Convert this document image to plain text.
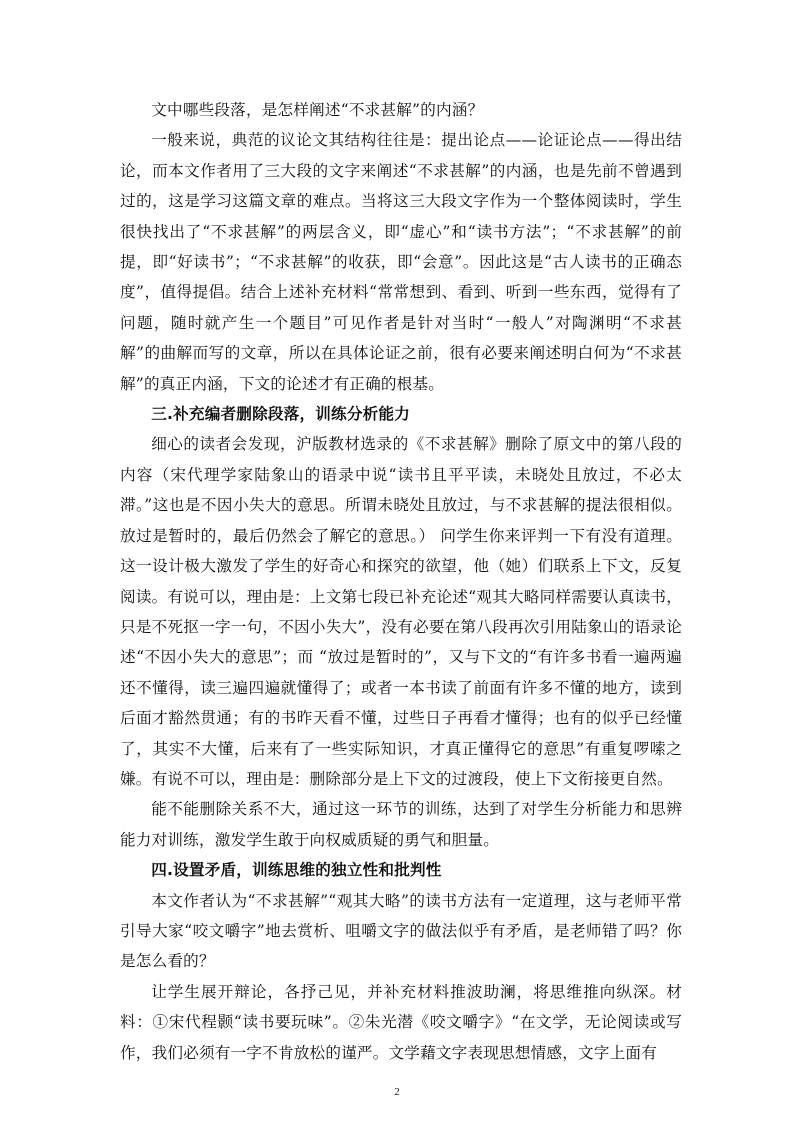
文中哪些段落，是怎样阐述“不求甚解”的内涵？

一般来说，典范的议论文其结构往往是：提出论点——论证论点——得出结论，而本文作者用了三大段的文字来阐述“不求甚解”的内涵，也是先前不曾遇到过的，这是学习这篇文章的难点。当将这三大段文字作为一个整体阅读时，学生很快找出了“不求甚解”的两层含义，即“虚心”和“读书方法”；“不求甚解”的前提，即“好读书”；“不求甚解”的收获，即“会意”。因此这是“古人读书的正确态度”，值得提倡。结合上述补充材料“常常想到、看到、听到一些东西，觉得有了问题，随时就产生一个题目”可见作者是针对当时“一般人”对陶渊明“不求甚解”的曲解而写的文章，所以在具体论证之前，很有必要来阐述明白何为“不求甚解”的真正内涵，下文的论述才有正确的根基。

三.补充编者删除段落，训练分析能力

细心的读者会发现，沪版教材选录的《不求甚解》删除了原文中的第八段的内容（宋代理学家陆象山的语录中说“读书且平平读，未晓处且放过，不必太滞。”这也是不因小失大的意思。所谓未晓处且放过，与不求甚解的提法很相似。放过是暂时的，最后仍然会了解它的意思。） 问学生你来评判一下有没有道理。这一设计极大激发了学生的好奇心和探究的欲望，他（她）们联系上下文，反复阅读。有说可以，理由是：上文第七段已补充论述“观其大略同样需要认真读书，只是不死抠一字一句，不因小失大”，没有必要在第八段再次引用陆象山的语录论述“不因小失大的意思”；而 “放过是暂时的”，又与下文的“有许多书看一遍两遍还不懂得，读三遍四遍就懂得了；或者一本书读了前面有许多不懂的地方，读到后面才豁然贯通；有的书昨天看不懂，过些日子再看才懂得；也有的似乎已经懂了，其实不大懂，后来有了一些实际知识，才真正懂得它的意思”有重复啰嗦之嫌。有说不可以，理由是：删除部分是上下文的过渡段，使上下文衔接更自然。

能不能删除关系不大，通过这一环节的训练，达到了对学生分析能力和思辨能力对训练，激发学生敢于向权威质疑的勇气和胆量。

四.设置矛盾，训练思维的独立性和批判性

本文作者认为“不求甚解”“观其大略”的读书方法有一定道理，这与老师平常引导大家“咬文嚼字”地去赏析、咀嚼文字的做法似乎有矛盾，是老师错了吗？你是怎么看的？

让学生展开辩论，各抒己见，并补充材料推波助澜，将思维推向纵深。材料：①宋代程颢“读书要玩味”。②朱光潜《咬文嚼字》“在文学，无论阅读或写作，我们必须有一字不肯放松的谨严。文学藉文字表现思想情感，文字上面有

2
